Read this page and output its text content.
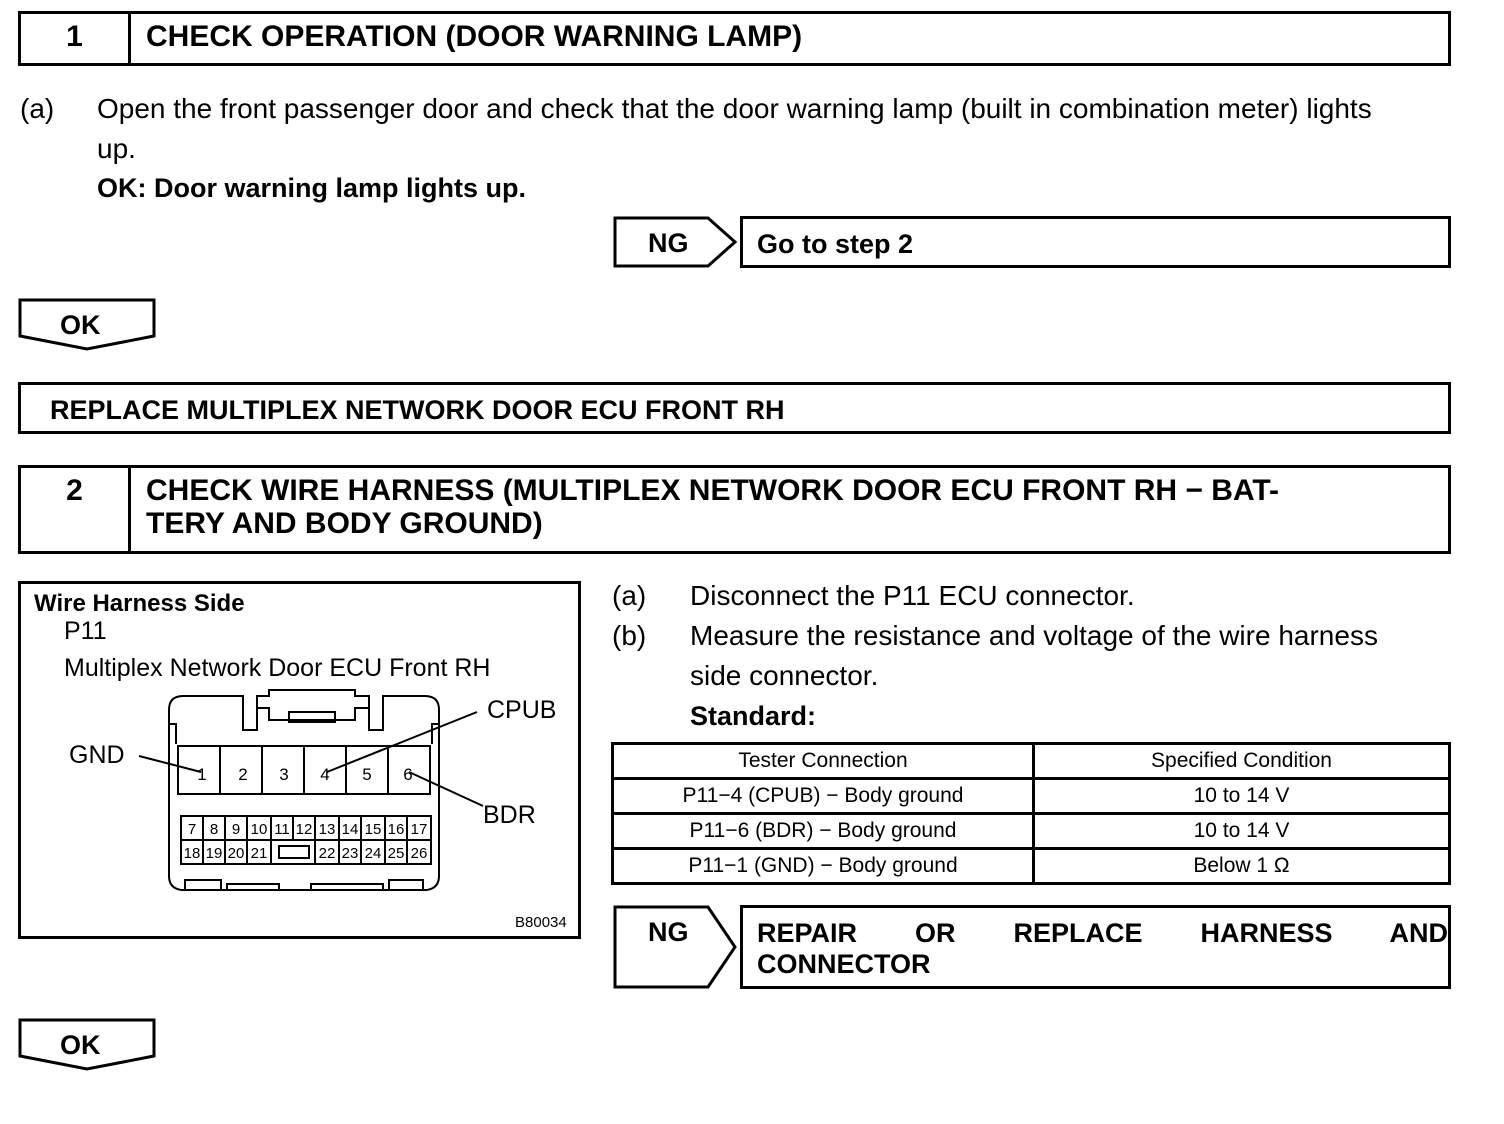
1	CHECK OPERATION (DOOR WARNING LAMP)
(a) Open the front passenger door and check that the door warning lamp (built in combination meter) lights
up.
OK: Door warning lamp lights up.
NG	Go to step 2
OK
REPLACE MULTIPLEX NETWORK DOOR ECU FRONT RH
2	CHECK WIRE HARNESS (MULTIPLEX NETWORK DOOR ECU FRONT RH − BAT-
TERY AND BODY GROUND)
Wire Harness Side
P11
Multiplex Network Door ECU Front RH
CPUB
GND
BDR
B80034
1 2 3 4 5 6
7 8 9 10 11 12 13 14 15 16 17
18 19 20 21	22 23 24 25 26
(a) Disconnect the P11 ECU connector.
(b) Measure the resistance and voltage of the wire harness
side connector.
Standard:
Tester Connection	Specified Condition
P11−4 (CPUB) − Body ground	10 to 14 V
P11−6 (BDR) − Body ground	10 to 14 V
P11−1 (GND) − Body ground	Below 1 Ω
NG	REPAIR OR REPLACE HARNESS AND
CONNECTOR
OK
